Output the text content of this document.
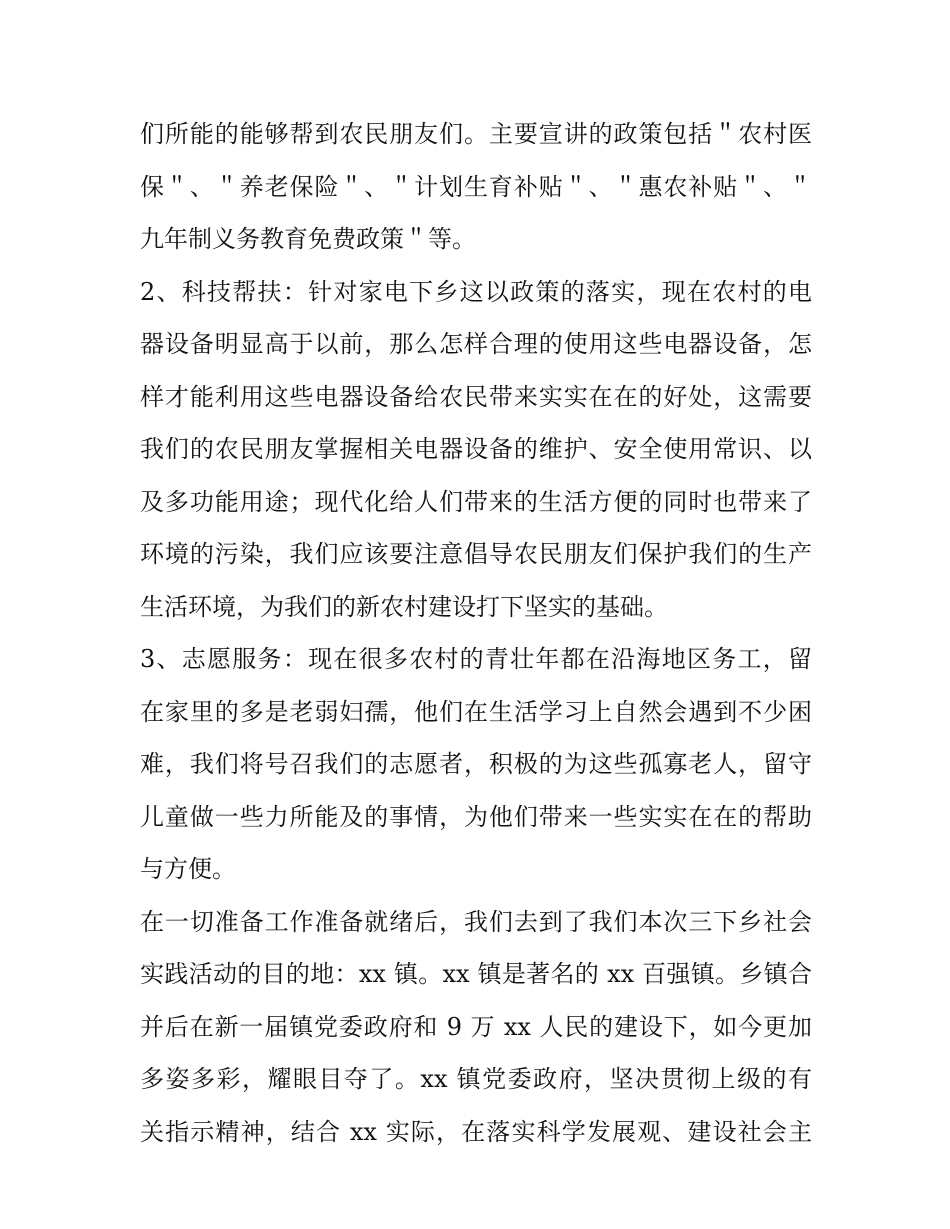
们所能的能够帮到农民朋友们。主要宣讲的政策包括＂农村医
保＂、＂养老保险＂、＂计划生育补贴＂、＂惠农补贴＂、＂
九年制义务教育免费政策＂等。
2、科技帮扶：针对家电下乡这以政策的落实，现在农村的电
器设备明显高于以前，那么怎样合理的使用这些电器设备，怎
样才能利用这些电器设备给农民带来实实在在的好处，这需要
我们的农民朋友掌握相关电器设备的维护、安全使用常识、以
及多功能用途；现代化给人们带来的生活方便的同时也带来了
环境的污染，我们应该要注意倡导农民朋友们保护我们的生产
生活环境，为我们的新农村建设打下坚实的基础。
3、志愿服务：现在很多农村的青壮年都在沿海地区务工，留
在家里的多是老弱妇孺，他们在生活学习上自然会遇到不少困
难，我们将号召我们的志愿者，积极的为这些孤寡老人，留守
儿童做一些力所能及的事情，为他们带来一些实实在在的帮助
与方便。
在一切准备工作准备就绪后，我们去到了我们本次三下乡社会
实践活动的目的地：xx 镇。xx 镇是著名的 xx 百强镇。乡镇合
并后在新一届镇党委政府和 9 万 xx 人民的建设下，如今更加
多姿多彩，耀眼目夺了。xx 镇党委政府，坚决贯彻上级的有
关指示精神，结合 xx 实际，在落实科学发展观、建设社会主
